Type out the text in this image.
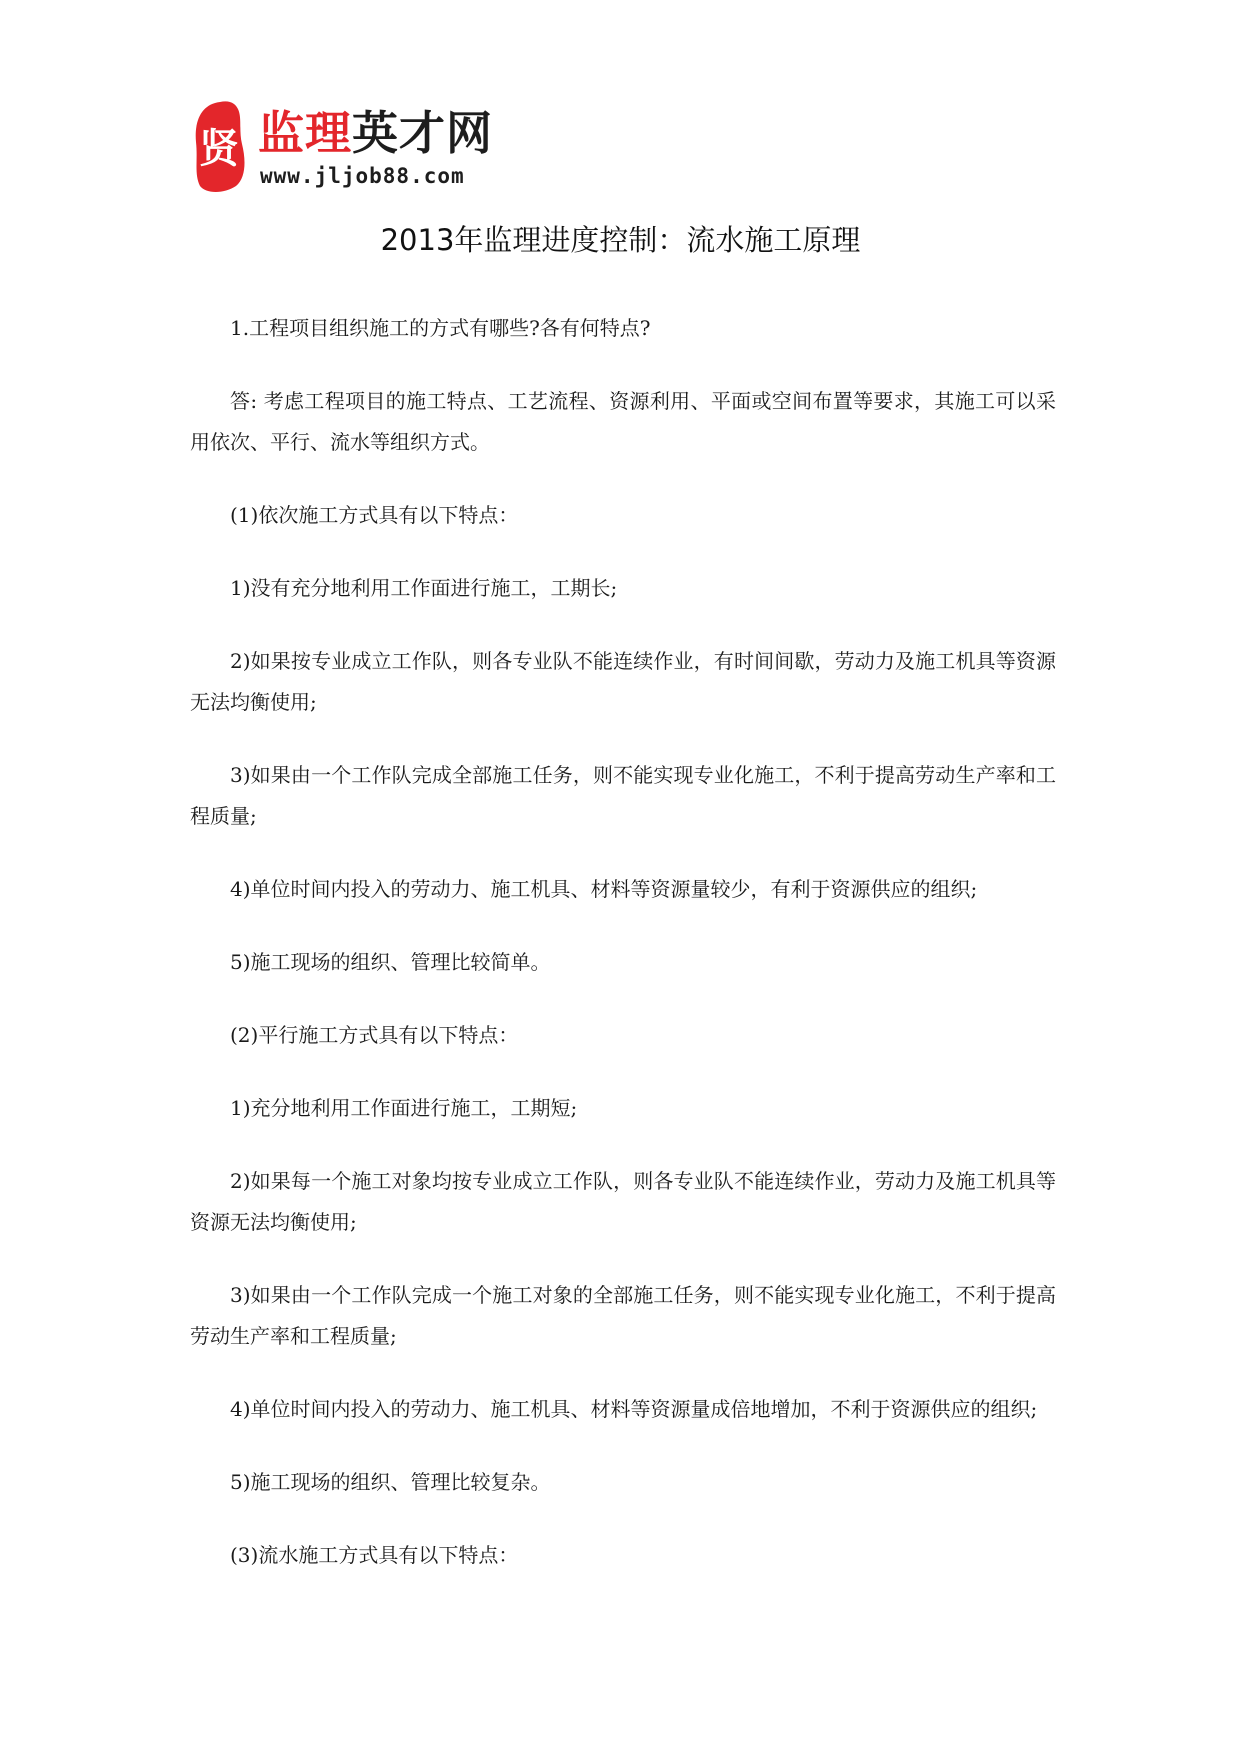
贤 监理英才网
www.jljob88.com
2013年监理进度控制：流水施工原理

1.工程项目组织施工的方式有哪些?各有何特点?

答: 考虑工程项目的施工特点、工艺流程、资源利用、平面或空间布置等要求，其施工可以采用依次、平行、流水等组织方式。

(1)依次施工方式具有以下特点：

1)没有充分地利用工作面进行施工，工期长;

2)如果按专业成立工作队，则各专业队不能连续作业，有时间间歇，劳动力及施工机具等资源无法均衡使用;

3)如果由一个工作队完成全部施工任务，则不能实现专业化施工，不利于提高劳动生产率和工程质量;

4)单位时间内投入的劳动力、施工机具、材料等资源量较少，有利于资源供应的组织;

5)施工现场的组织、管理比较简单。

(2)平行施工方式具有以下特点：

1)充分地利用工作面进行施工，工期短;

2)如果每一个施工对象均按专业成立工作队，则各专业队不能连续作业，劳动力及施工机具等资源无法均衡使用;

3)如果由一个工作队完成一个施工对象的全部施工任务，则不能实现专业化施工，不利于提高劳动生产率和工程质量;

4)单位时间内投入的劳动力、施工机具、材料等资源量成倍地增加，不利于资源供应的组织;

5)施工现场的组织、管理比较复杂。

(3)流水施工方式具有以下特点：
